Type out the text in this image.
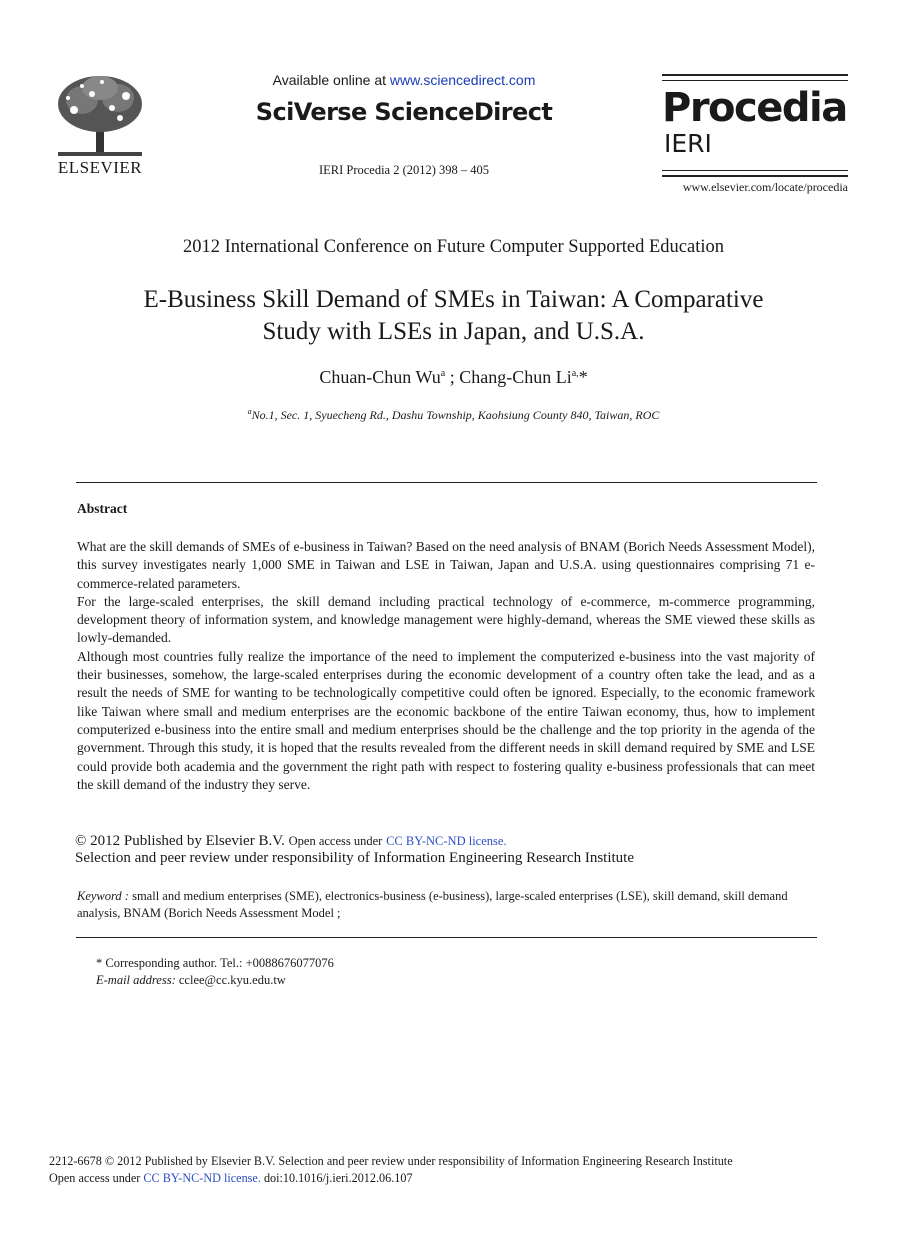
ELSEVIER
Available online at www.sciencedirect.com
SciVerse ScienceDirect
IERI Procedia 2 (2012) 398 – 405
Procedia
IERI
www.elsevier.com/locate/procedia
2012 International Conference on Future Computer Supported Education
E-Business Skill Demand of SMEs in Taiwan: A Comparative
Study with LSEs in Japan, and U.S.A.
Chuan-Chun Wu$^a$ ; Chang-Chun $Li^{a,}*$
$^a$No.1, Sec. 1, Syuecheng Rd., Dashu Township, Kaohsiung County 840, Taiwan, ROC
Abstract

What are the skill demands of SMEs of e-business in Taiwan? Based on the need analysis of BNAM (Borich Needs Assessment Model), this survey investigates nearly 1,000 SME in Taiwan and LSE in Taiwan, Japan and U.S.A. using questionnaires comprising 71 e-commerce-related parameters.

For the large-scaled enterprises, the skill demand including practical technology of e-commerce, m-commerce programming, development theory of information system, and knowledge management were highly-demand, whereas the SME viewed these skills as lowly-demanded.

Although most countries fully realize the importance of the need to implement the computerized e-business into the vast majority of their businesses, somehow, the large-scaled enterprises during the economic development of a country often take the lead, and as a result the needs of SME for wanting to be technologically competitive could often be ignored. Especially, to the economic framework like Taiwan where small and medium enterprises are the economic backbone of the entire Taiwan economy, thus, how to implement computerized e-business into the entire small and medium enterprises should be the challenge and the top priority in the agenda of the government. Through this study, it is hoped that the results revealed from the different needs in skill demand required by SME and LSE could provide both academia and the government the right path with respect to fostering quality e-business professionals that can meet the skill demand of the industry they serve.

© 2012 Published by Elsevier B.V. Open access under CC BY-NC-ND license.
Selection and peer review under responsibility of Information Engineering Research Institute
Keyword : small and medium enterprises (SME), electronics-business (e-business), large-scaled enterprises (LSE), skill demand, skill demand analysis, BNAM (Borich Needs Assessment Model ;
* Corresponding author. Tel.: +0088676077076
E-mail address: cclee@cc.kyu.edu.tw
2212-6678 © 2012 Published by Elsevier B.V. Selection and peer review under responsibility of Information Engineering Research Institute
Open access under CC BY-NC-ND license. doi:10.1016/j.ieri.2012.06.107
